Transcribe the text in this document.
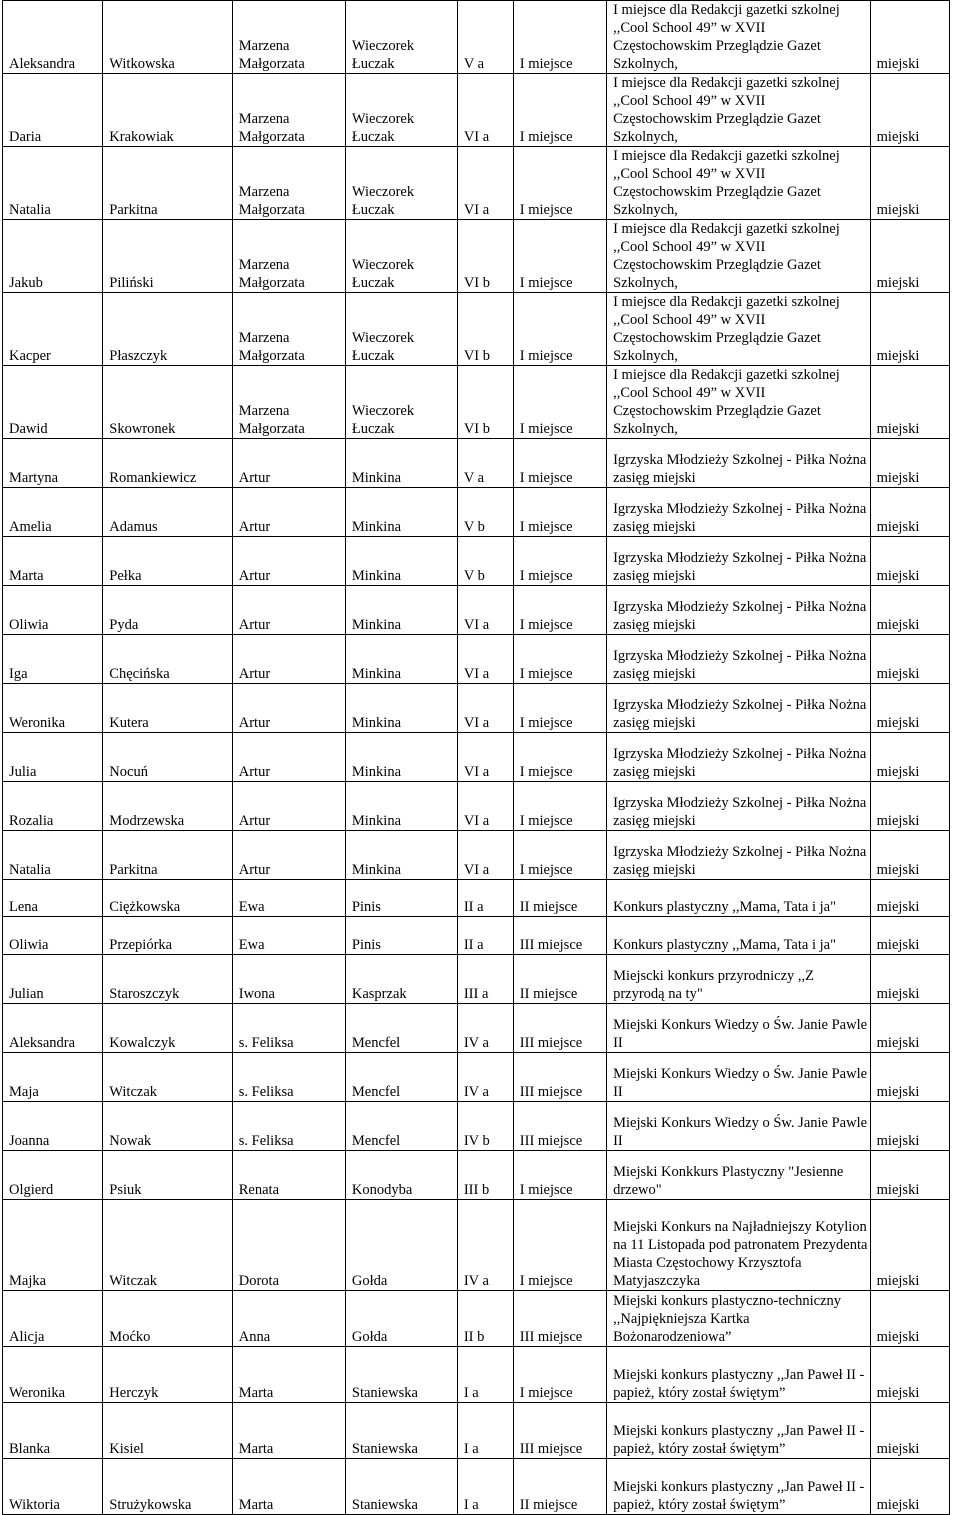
Aleksandra	Witkowska	Marzena Małgorzata	Wieczorek Łuczak	V a	I miejsce	I miejsce dla Redakcji gazetki szkolnej ,,Cool School 49” w XVII Częstochowskim Przeglądzie Gazet Szkolnych,	miejski
Daria	Krakowiak	Marzena Małgorzata	Wieczorek Łuczak	VI a	I miejsce	I miejsce dla Redakcji gazetki szkolnej ,,Cool School 49” w XVII Częstochowskim Przeglądzie Gazet Szkolnych,	miejski
Natalia	Parkitna	Marzena Małgorzata	Wieczorek Łuczak	VI a	I miejsce	I miejsce dla Redakcji gazetki szkolnej ,,Cool School 49” w XVII Częstochowskim Przeglądzie Gazet Szkolnych,	miejski
Jakub	Piliński	Marzena Małgorzata	Wieczorek Łuczak	VI b	I miejsce	I miejsce dla Redakcji gazetki szkolnej ,,Cool School 49” w XVII Częstochowskim Przeglądzie Gazet Szkolnych,	miejski
Kacper	Płaszczyk	Marzena Małgorzata	Wieczorek Łuczak	VI b	I miejsce	I miejsce dla Redakcji gazetki szkolnej ,,Cool School 49” w XVII Częstochowskim Przeglądzie Gazet Szkolnych,	miejski
Dawid	Skowronek	Marzena Małgorzata	Wieczorek Łuczak	VI b	I miejsce	I miejsce dla Redakcji gazetki szkolnej ,,Cool School 49” w XVII Częstochowskim Przeglądzie Gazet Szkolnych,	miejski
Martyna	Romankiewicz	Artur	Minkina	V a	I miejsce	Igrzyska Młodzieży Szkolnej - Piłka Nożna zasięg miejski	miejski
Amelia	Adamus	Artur	Minkina	V b	I miejsce	Igrzyska Młodzieży Szkolnej - Piłka Nożna zasięg miejski	miejski
Marta	Pełka	Artur	Minkina	V b	I miejsce	Igrzyska Młodzieży Szkolnej - Piłka Nożna zasięg miejski	miejski
Oliwia	Pyda	Artur	Minkina	VI a	I miejsce	Igrzyska Młodzieży Szkolnej - Piłka Nożna zasięg miejski	miejski
Iga	Chęcińska	Artur	Minkina	VI a	I miejsce	Igrzyska Młodzieży Szkolnej - Piłka Nożna zasięg miejski	miejski
Weronika	Kutera	Artur	Minkina	VI a	I miejsce	Igrzyska Młodzieży Szkolnej - Piłka Nożna zasięg miejski	miejski
Julia	Nocuń	Artur	Minkina	VI a	I miejsce	Igrzyska Młodzieży Szkolnej - Piłka Nożna zasięg miejski	miejski
Rozalia	Modrzewska	Artur	Minkina	VI a	I miejsce	Igrzyska Młodzieży Szkolnej - Piłka Nożna zasięg miejski	miejski
Natalia	Parkitna	Artur	Minkina	VI a	I miejsce	Igrzyska Młodzieży Szkolnej - Piłka Nożna zasięg miejski	miejski
Lena	Ciężkowska	Ewa	Pinis	II a	II miejsce	Konkurs plastyczny ,,Mama, Tata i ja"	miejski
Oliwia	Przepiórka	Ewa	Pinis	II a	III miejsce	Konkurs plastyczny ,,Mama, Tata i ja"	miejski
Julian	Staroszczyk	Iwona	Kasprzak	III a	II miejsce	Miejscki konkurs przyrodniczy ,,Z przyrodą na ty"	miejski
Aleksandra	Kowalczyk	s. Feliksa	Mencfel	IV a	III miejsce	Miejski Konkurs Wiedzy o Św. Janie Pawle II	miejski
Maja	Witczak	s. Feliksa	Mencfel	IV a	III miejsce	Miejski Konkurs Wiedzy o Św. Janie Pawle II	miejski
Joanna	Nowak	s. Feliksa	Mencfel	IV b	III miejsce	Miejski Konkurs Wiedzy o Św. Janie Pawle II	miejski
Olgierd	Psiuk	Renata	Konodyba	III b	I miejsce	Miejski Konkkurs Plastyczny "Jesienne drzewo"	miejski
Majka	Witczak	Dorota	Gołda	IV a	I miejsce	Miejski Konkurs na Najładniejszy Kotylion na 11 Listopada pod patronatem Prezydenta Miasta Częstochowy Krzysztofa Matyjaszczyka	miejski
Alicja	Moćko	Anna	Gołda	II b	III miejsce	Miejski konkurs plastyczno-techniczny ,,Najpiękniejsza Kartka Bożonarodzeniowa”	miejski
Weronika	Herczyk	Marta	Staniewska	I a	I miejsce	Miejski konkurs plastyczny ,,Jan Paweł II - papież, który został świętym”	miejski
Blanka	Kisiel	Marta	Staniewska	I a	III miejsce	Miejski konkurs plastyczny ,,Jan Paweł II - papież, który został świętym”	miejski
Wiktoria	Strużykowska	Marta	Staniewska	I a	II miejsce	Miejski konkurs plastyczny ,,Jan Paweł II - papież, który został świętym”	miejski
